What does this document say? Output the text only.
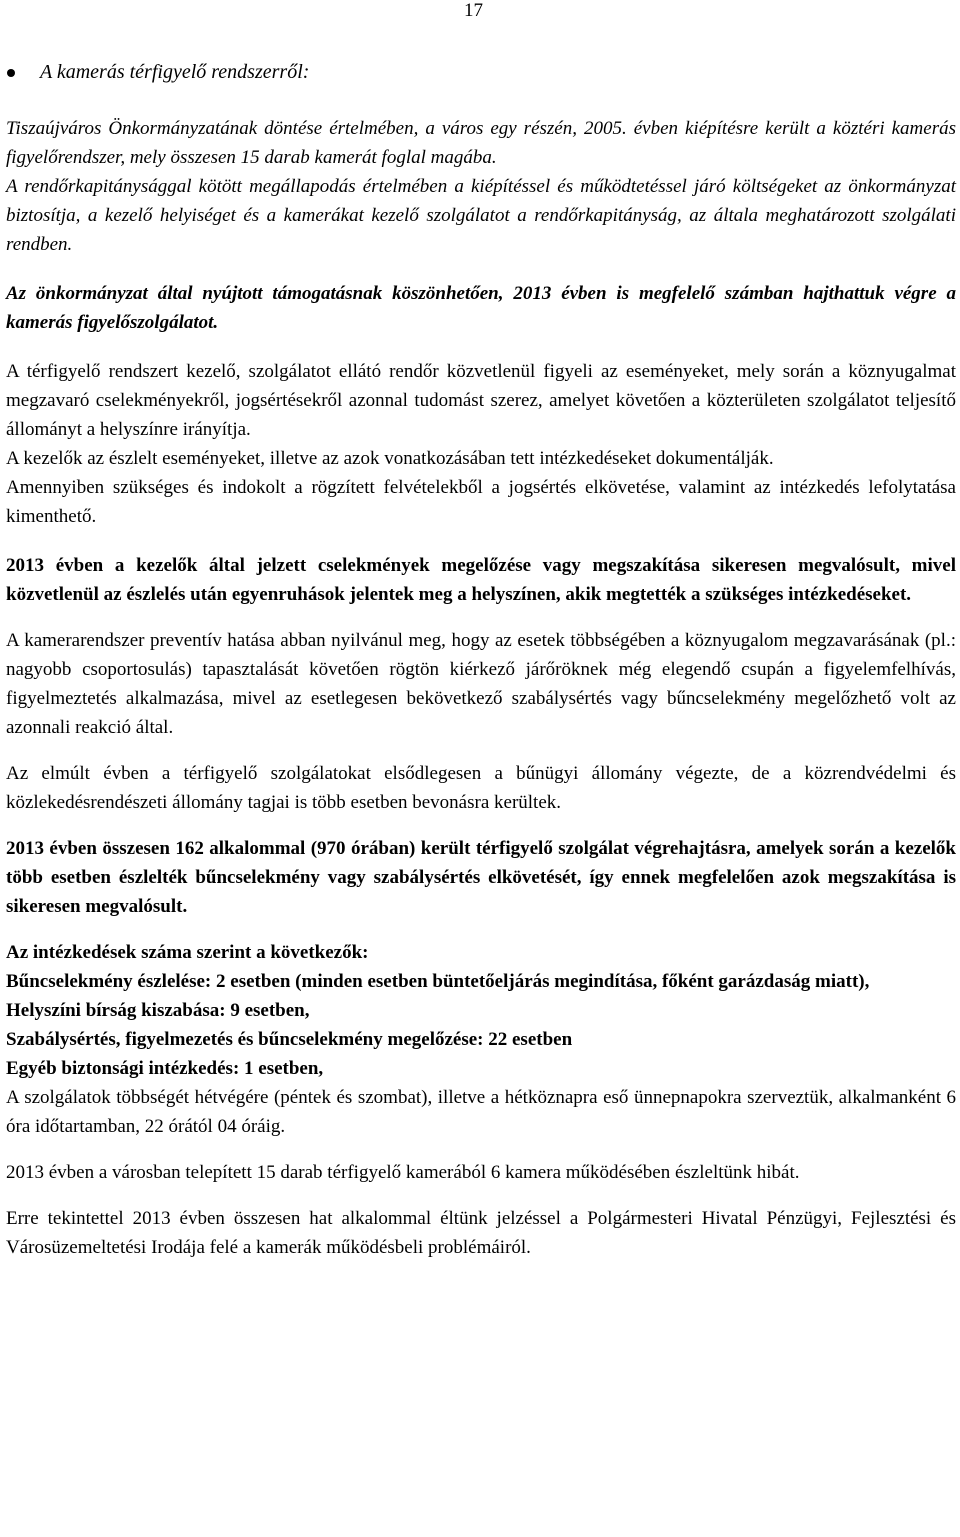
17
A kamerás térfigyelő rendszerről:

Tiszaújváros Önkormányzatának döntése értelmében, a város egy részén, 2005. évben kiépítésre került a köztéri kamerás figyelőrendszer, mely összesen 15 darab kamerát foglal magába.

A rendőrkapitánysággal kötött megállapodás értelmében a kiépítéssel és működtetéssel járó költségeket az önkormányzat biztosítja, a kezelő helyiséget és a kamerákat kezelő szolgálatot a rendőrkapitányság, az általa meghatározott szolgálati rendben.

Az önkormányzat által nyújtott támogatásnak köszönhetően, 2013 évben is megfelelő számban hajthattuk végre a kamerás figyelőszolgálatot.

A térfigyelő rendszert kezelő, szolgálatot ellátó rendőr közvetlenül figyeli az eseményeket, mely során a köznyugalmat megzavaró cselekményekről, jogsértésekről azonnal tudomást szerez, amelyet követően a közterületen szolgálatot teljesítő állományt a helyszínre irányítja.

A kezelők az észlelt eseményeket, illetve az azok vonatkozásában tett intézkedéseket dokumentálják.

Amennyiben szükséges és indokolt a rögzített felvételekből a jogsértés elkövetése, valamint az intézkedés lefolytatása kimenthető.

2013 évben a kezelők által jelzett cselekmények megelőzése vagy megszakítása sikeresen megvalósult, mivel közvetlenül az észlelés után egyenruhások jelentek meg a helyszínen, akik megtették a szükséges intézkedéseket.

A kamerarendszer preventív hatása abban nyilvánul meg, hogy az esetek többségében a köznyugalom megzavarásának (pl.: nagyobb csoportosulás) tapasztalását követően rögtön kiérkező járőröknek még elegendő csupán a figyelemfelhívás, figyelmeztetés alkalmazása, mivel az esetlegesen bekövetkező szabálysértés vagy bűncselekmény megelőzhető volt az azonnali reakció által.

Az elmúlt évben a térfigyelő szolgálatokat elsődlegesen a bűnügyi állomány végezte, de a közrendvédelmi és közlekedésrendészeti állomány tagjai is több esetben bevonásra kerültek.

2013 évben összesen 162 alkalommal (970 órában) került térfigyelő szolgálat végrehajtásra, amelyek során a kezelők több esetben észlelték bűncselekmény vagy szabálysértés elkövetését, így ennek megfelelően azok megszakítása is sikeresen megvalósult.

Az intézkedések száma szerint a következők:

Bűncselekmény észlelése: 2 esetben (minden esetben büntetőeljárás megindítása, főként garázdaság miatt),

Helyszíni bírság kiszabása: 9 esetben,

Szabálysértés, figyelmezetés és bűncselekmény megelőzése: 22 esetben

Egyéb biztonsági intézkedés: 1 esetben,

A szolgálatok többségét hétvégére (péntek és szombat), illetve a hétköznapra eső ünnepnapokra szerveztük, alkalmanként 6 óra időtartamban, 22 órától 04 óráig.

2013 évben a városban telepített 15 darab térfigyelő kamerából 6 kamera működésében észleltünk hibát.

Erre tekintettel 2013 évben összesen hat alkalommal éltünk jelzéssel a Polgármesteri Hivatal Pénzügyi, Fejlesztési és Városüzemeltetési Irodája felé a kamerák működésbeli problémáiról.
